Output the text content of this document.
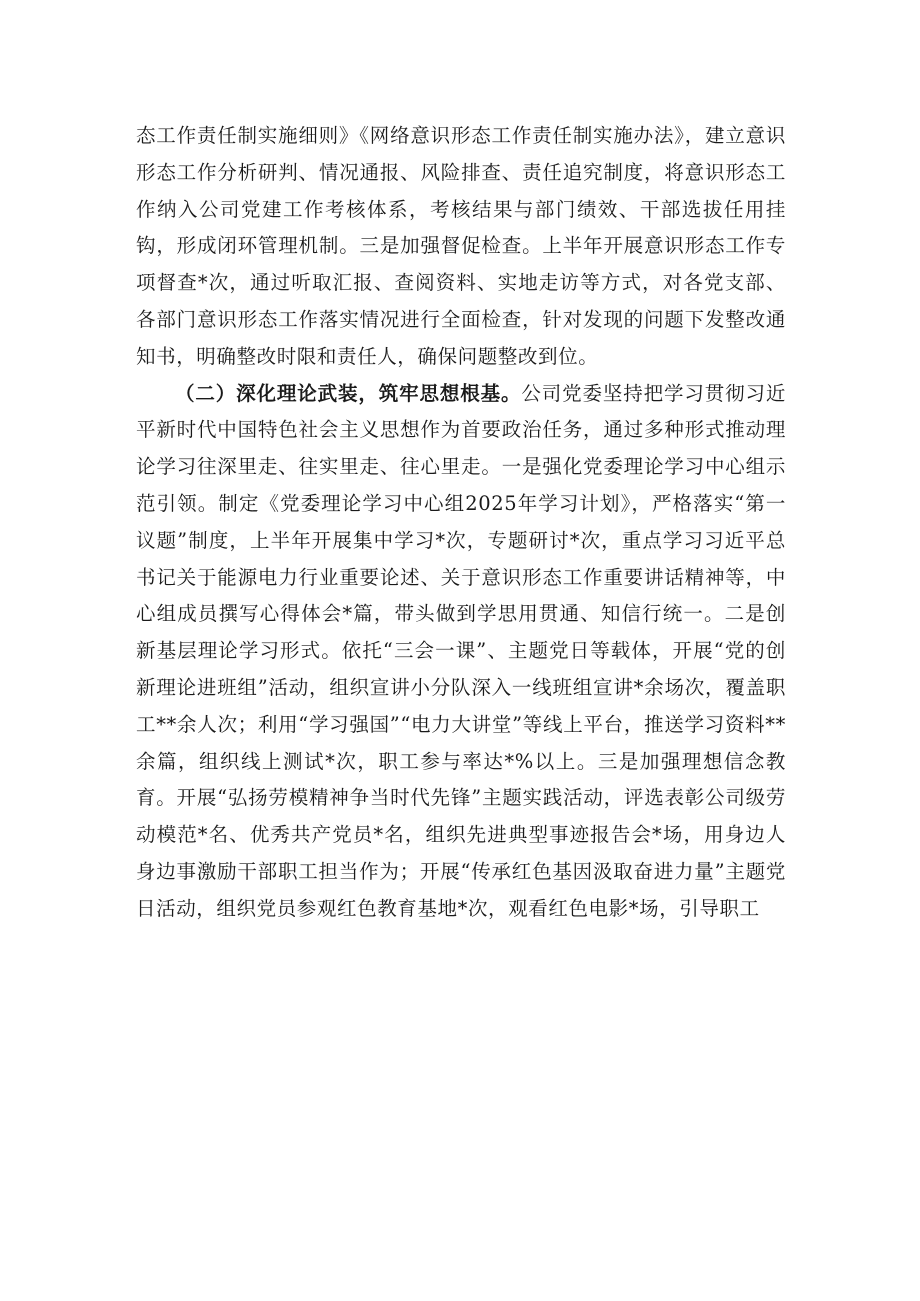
态工作责任制实施细则》《网络意识形态工作责任制实施办法》，建立意识形态工作分析研判、情况通报、风险排查、责任追究制度，将意识形态工作纳入公司党建工作考核体系，考核结果与部门绩效、干部选拔任用挂钩，形成闭环管理机制。三是加强督促检查。上半年开展意识形态工作专项督查*次，通过听取汇报、查阅资料、实地走访等方式，对各党支部、各部门意识形态工作落实情况进行全面检查，针对发现的问题下发整改通知书，明确整改时限和责任人，确保问题整改到位。

（二）深化理论武装，筑牢思想根基。公司党委坚持把学习贯彻习近平新时代中国特色社会主义思想作为首要政治任务，通过多种形式推动理论学习往深里走、往实里走、往心里走。一是强化党委理论学习中心组示范引领。制定《党委理论学习中心组2025年学习计划》，严格落实“第一议题”制度，上半年开展集中学习*次，专题研讨*次，重点学习习近平总书记关于能源电力行业重要论述、关于意识形态工作重要讲话精神等，中心组成员撰写心得体会*篇，带头做到学思用贯通、知信行统一。二是创新基层理论学习形式。依托“三会一课”、主题党日等载体，开展“党的创新理论进班组”活动，组织宣讲小分队深入一线班组宣讲*余场次，覆盖职工**余人次；利用“学习强国”“电力大讲堂”等线上平台，推送学习资料**余篇，组织线上测试*次，职工参与率达*%以上。三是加强理想信念教育。开展“弘扬劳模精神争当时代先锋”主题实践活动，评选表彰公司级劳动模范*名、优秀共产党员*名，组织先进典型事迹报告会*场，用身边人身边事激励干部职工担当作为；开展“传承红色基因汲取奋进力量”主题党日活动，组织党员参观红色教育基地*次，观看红色电影*场，引导职工
